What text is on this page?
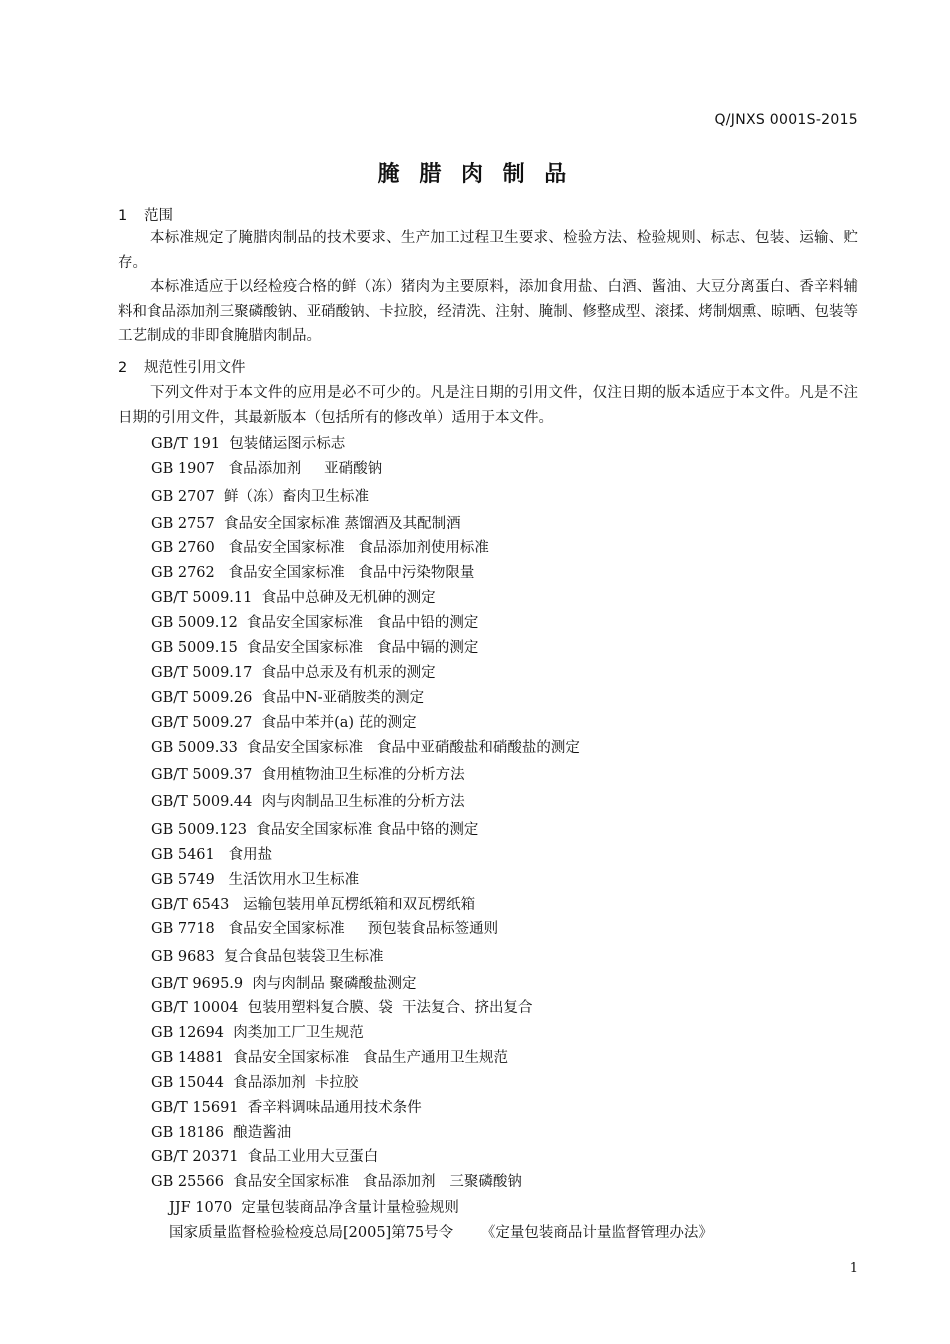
Q/JNXS 0001S-2015
腌 腊 肉 制 品
1 范围
本标准规定了腌腊肉制品的技术要求、生产加工过程卫生要求、检验方法、检验规则、标志、包装、运输、贮存。
本标准适应于以经检疫合格的鲜（冻）猪肉为主要原料，添加食用盐、白酒、酱油、大豆分离蛋白、香辛料辅料和食品添加剂三聚磷酸钠、亚硝酸钠、卡拉胶，经清洗、注射、腌制、修整成型、滚揉、烤制烟熏、晾晒、包装等工艺制成的非即食腌腊肉制品。
2 规范性引用文件
下列文件对于本文件的应用是必不可少的。凡是注日期的引用文件，仅注日期的版本适应于本文件。凡是不注日期的引用文件，其最新版本（包括所有的修改单）适用于本文件。
GB/T 191  包装储运图示标志
GB 1907   食品添加剂     亚硝酸钠
GB 2707  鲜（冻）畜肉卫生标准
GB 2757  食品安全国家标准 蒸馏酒及其配制酒
GB 2760   食品安全国家标准   食品添加剂使用标准
GB 2762   食品安全国家标准   食品中污染物限量
GB/T 5009.11  食品中总砷及无机砷的测定
GB 5009.12  食品安全国家标准   食品中铅的测定
GB 5009.15  食品安全国家标准   食品中镉的测定
GB/T 5009.17  食品中总汞及有机汞的测定
GB/T 5009.26  食品中N-亚硝胺类的测定
GB/T 5009.27  食品中苯并(a) 芘的测定
GB 5009.33  食品安全国家标准   食品中亚硝酸盐和硝酸盐的测定
GB/T 5009.37  食用植物油卫生标准的分析方法
GB/T 5009.44  肉与肉制品卫生标准的分析方法
GB 5009.123  食品安全国家标准 食品中铬的测定
GB 5461   食用盐
GB 5749   生活饮用水卫生标准
GB/T 6543   运输包装用单瓦楞纸箱和双瓦楞纸箱
GB 7718   食品安全国家标准     预包装食品标签通则
GB 9683  复合食品包装袋卫生标准
GB/T 9695.9  肉与肉制品 聚磷酸盐测定
GB/T 10004  包装用塑料复合膜、袋  干法复合、挤出复合
GB 12694  肉类加工厂卫生规范
GB 14881  食品安全国家标准   食品生产通用卫生规范
GB 15044  食品添加剂  卡拉胶
GB/T 15691  香辛料调味品通用技术条件
GB 18186  酿造酱油
GB/T 20371  食品工业用大豆蛋白
GB 25566  食品安全国家标准   食品添加剂   三聚磷酸钠
JJF 1070  定量包装商品净含量计量检验规则
国家质量监督检验检疫总局[2005]第75号令      《定量包装商品计量监督管理办法》
1
